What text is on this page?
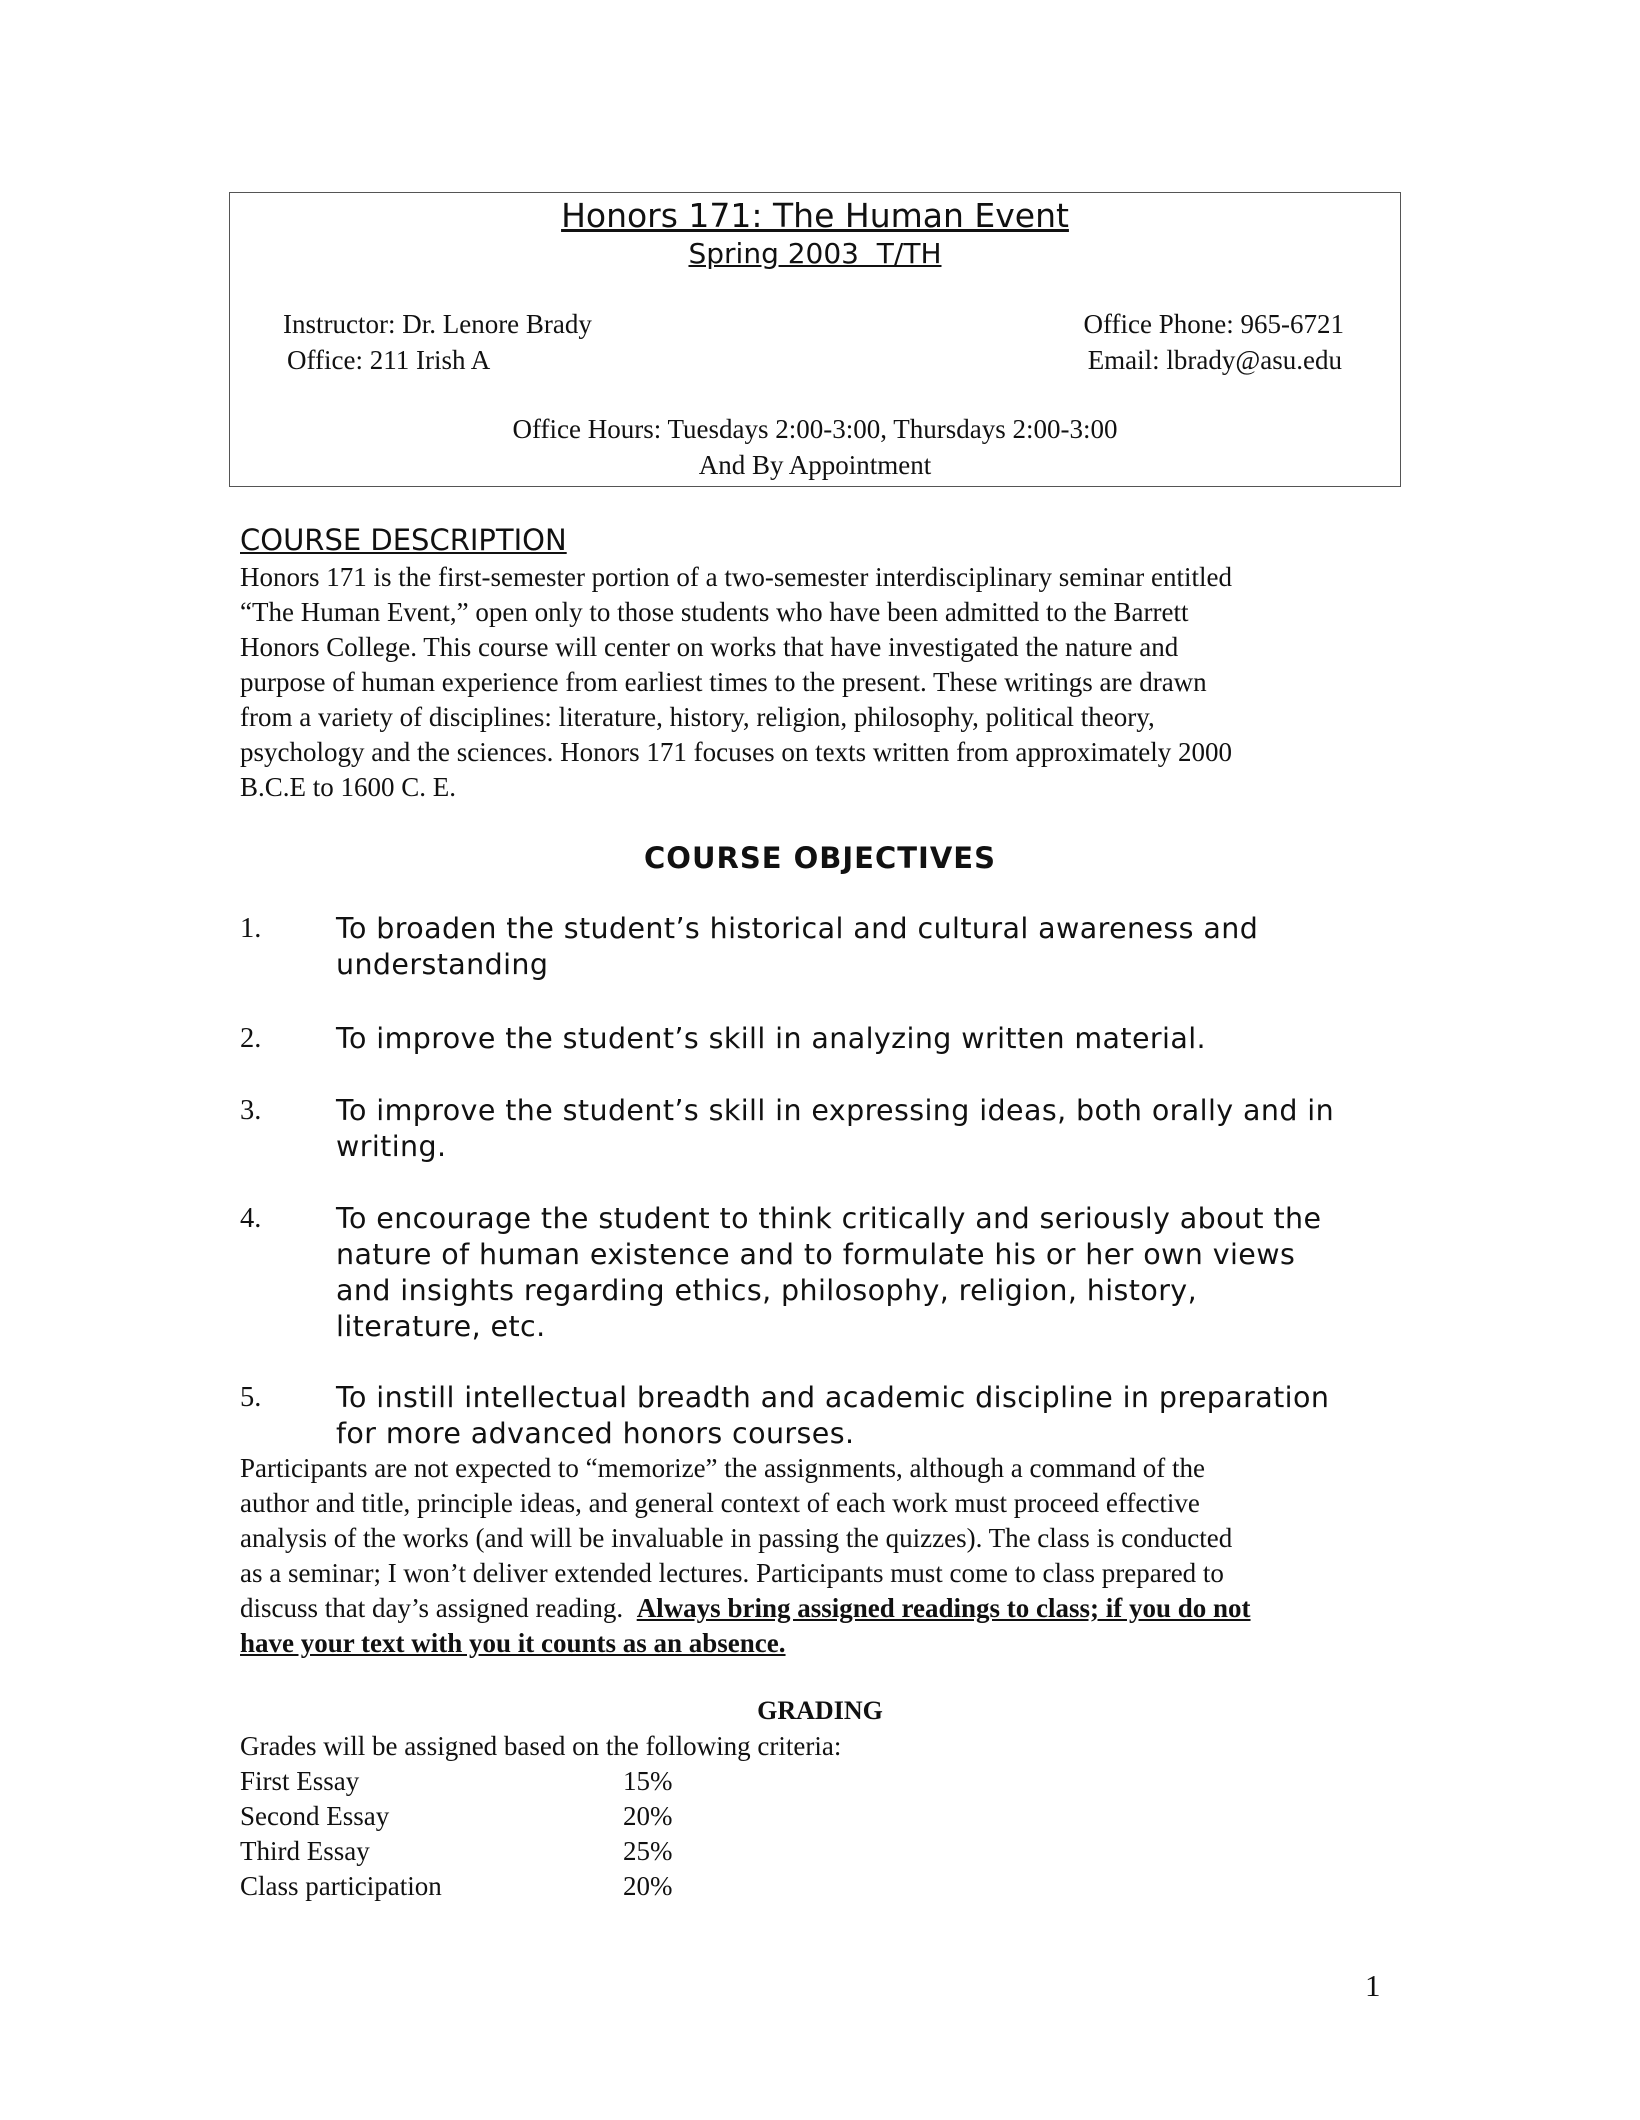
Honors 171: The Human Event
Spring 2003  T/TH
Instructor: Dr. Lenore Brady
Office: 211 Irish A
Office Phone: 965-6721
Email: lbrady@asu.edu
Office Hours: Tuesdays 2:00-3:00, Thursdays 2:00-3:00
And By Appointment
COURSE DESCRIPTION
Honors 171 is the first-semester portion of a two-semester interdisciplinary seminar entitled
“The Human Event,” open only to those students who have been admitted to the Barrett
Honors College. This course will center on works that have investigated the nature and
purpose of human experience from earliest times to the present. These writings are drawn
from a variety of disciplines: literature, history, religion, philosophy, political theory,
psychology and the sciences. Honors 171 focuses on texts written from approximately 2000
B.C.E to 1600 C. E.
COURSE OBJECTIVES
1.	To broaden the student’s historical and cultural awareness and
understanding
2.	To improve the student’s skill in analyzing written material.
3.	To improve the student’s skill in expressing ideas, both orally and in
writing.
4.	To encourage the student to think critically and seriously about the
nature of human existence and to formulate his or her own views
and insights regarding ethics, philosophy, religion, history,
literature, etc.
5.	To instill intellectual breadth and academic discipline in preparation
for more advanced honors courses.
Participants are not expected to “memorize” the assignments, although a command of the
author and title, principle ideas, and general context of each work must proceed effective
analysis of the works (and will be invaluable in passing the quizzes). The class is conducted
as a seminar; I won’t deliver extended lectures. Participants must come to class prepared to
discuss that day’s assigned reading.  Always bring assigned readings to class; if you do not
have your text with you it counts as an absence.
GRADING
Grades will be assigned based on the following criteria:
First Essay	15%
Second Essay	20%
Third Essay	25%
Class participation	20%
1
